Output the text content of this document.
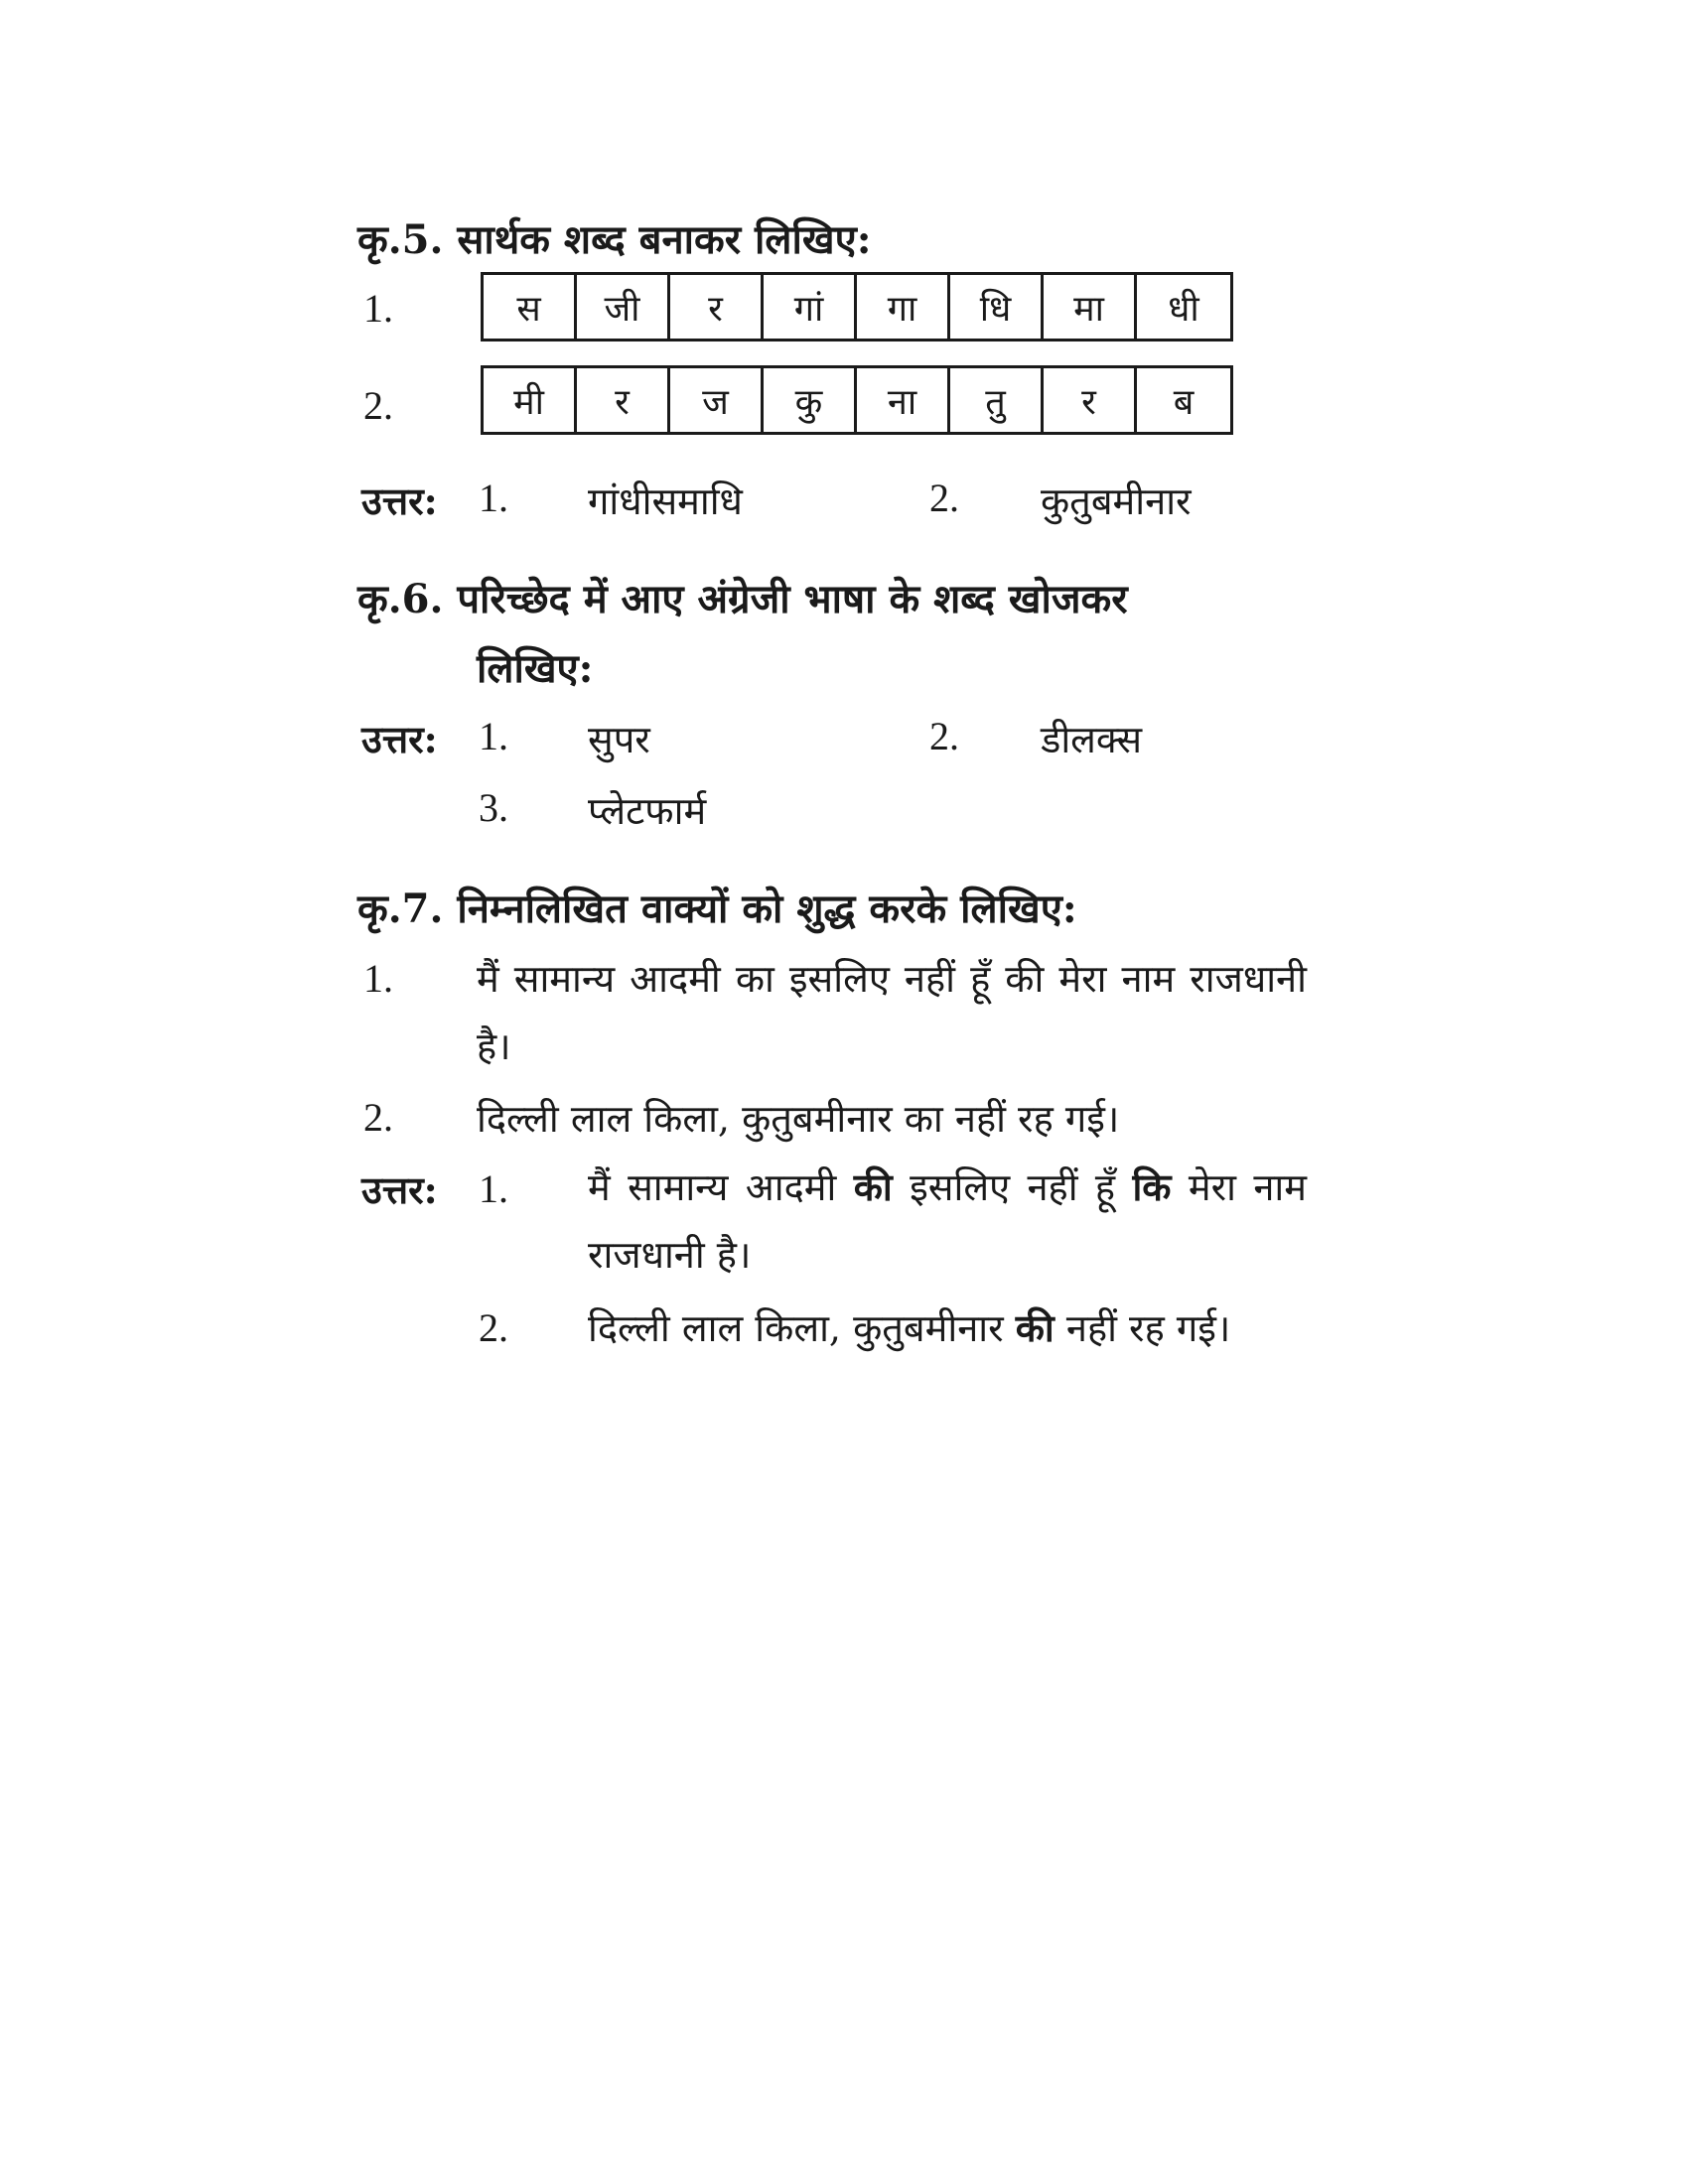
कृ.5. सार्थक शब्द बनाकर लिखिए:
1.	स	जी	र	गां	गा	धि	मा	धी
2.	मी	र	ज	कु	ना	तु	र	ब
उत्तर: 1. गांधीसमाधि	2. कुतुबमीनार
कृ.6. परिच्छेद में आए अंग्रेजी भाषा के शब्द खोजकर
लिखिए:
उत्तर: 1. सुपर	2. डीलक्स
3. प्लेटफार्म
कृ.7. निम्नलिखित वाक्यों को शुद्ध करके लिखिए:
1. मैं सामान्य आदमी का इसलिए नहीं हूँ की मेरा नाम राजधानी है।
2. दिल्ली लाल किला, कुतुबमीनार का नहीं रह गई।
उत्तर: 1. मैं सामान्य आदमी की इसलिए नहीं हूँ कि मेरा नाम राजधानी है।
2. दिल्ली लाल किला, कुतुबमीनार की नहीं रह गई।
